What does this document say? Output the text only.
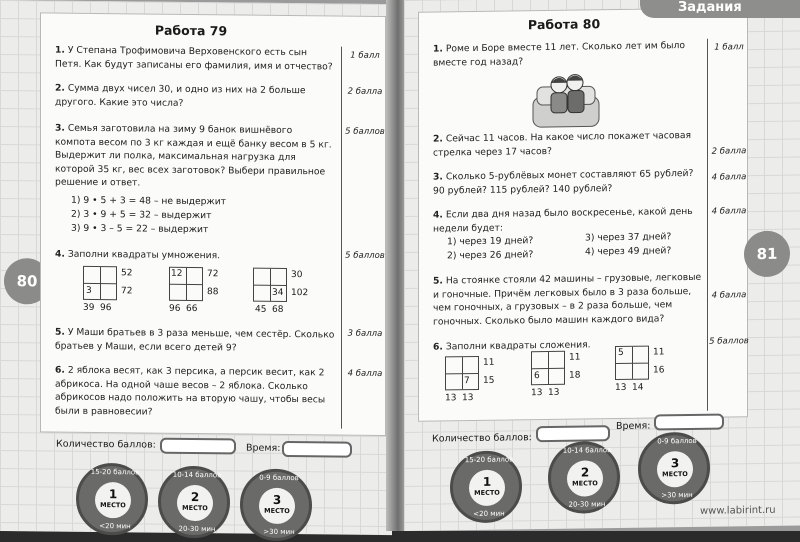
80
Работа 79
1. У Степана Трофимовича Верховенского есть сын Петя. Как будут записаны его фамилия, имя и отчество?
1 балл
2. Сумма двух чисел 30, и одно из них на 2 больше другого. Какие это числа?
2 балла
3. Семья заготовила на зиму 9 банок вишнёвого компота весом по 3 кг каждая и ещё банку весом в 5 кг. Выдержит ли полка, максимальная нагрузка для которой 35 кг, вес всех заготовок? Выбери правильное решение и ответ.
5 баллов
1) 9 • 5 + 3 = 48 – не выдержит
2) 3 • 9 + 5 = 32 – выдержит
3) 9 • 3 – 5 = 22 – выдержит
4. Заполни квадраты умножения.	5 баллов
3
52
72
39 96
12	72
88
96 66
34
30
102
45 68
5. У Маши братьев в 3 раза меньше, чем сестёр. Сколько братьев у Маши, если всего детей 9?
3 балла
6. 2 яблока весят, как 3 персика, а персик весит, как 2 абрикоса. На одной чаше весов – 2 яблока. Сколько абрикосов надо положить на вторую чашу, чтобы весы были в равновесии?
4 балла
Количество баллов:	Время:
15-20 баллов
1
МЕСТО
<20 мин
10-14 баллов
2
МЕСТО
20-30 мин
0-9 баллов
3
МЕСТО
>30 мин
Работа 80
1. Роме и Боре вместе 11 лет. Сколько лет им было вместе год назад?
1 балл
2. Сейчас 11 часов. На какое число покажет часовая стрелка через 17 часов?	2 балла
3. Сколько 5-рублёвых монет составляют 65 рублей? 90 рублей? 115 рублей? 140 рублей?
4 балла
4. Если два дня назад было воскресенье, какой день недели будет:
4 балла
1) через 19 дней?
2) через 26 дней?
3) через 37 дней?
4) через 49 дней?
5. На стоянке стояли 42 машины – грузовые, легковые и гоночные. Причём легковых было в 3 раза больше, чем гоночных, а грузовых – в 2 раза больше, чем гоночных. Сколько было машин каждого вида?
4 балла
6. Заполни квадраты сложения.	5 баллов
7
11
15
13 13
6
11
18
13 13
5	11
16
13 14
81
Количество баллов:
Время:
15-20 баллов
1
МЕСТО
<20 мин
10-14 баллов
2
МЕСТО
20-30 мин
0-9 баллов
3
МЕСТО
>30 мин
www.labirint.ru
Задания
